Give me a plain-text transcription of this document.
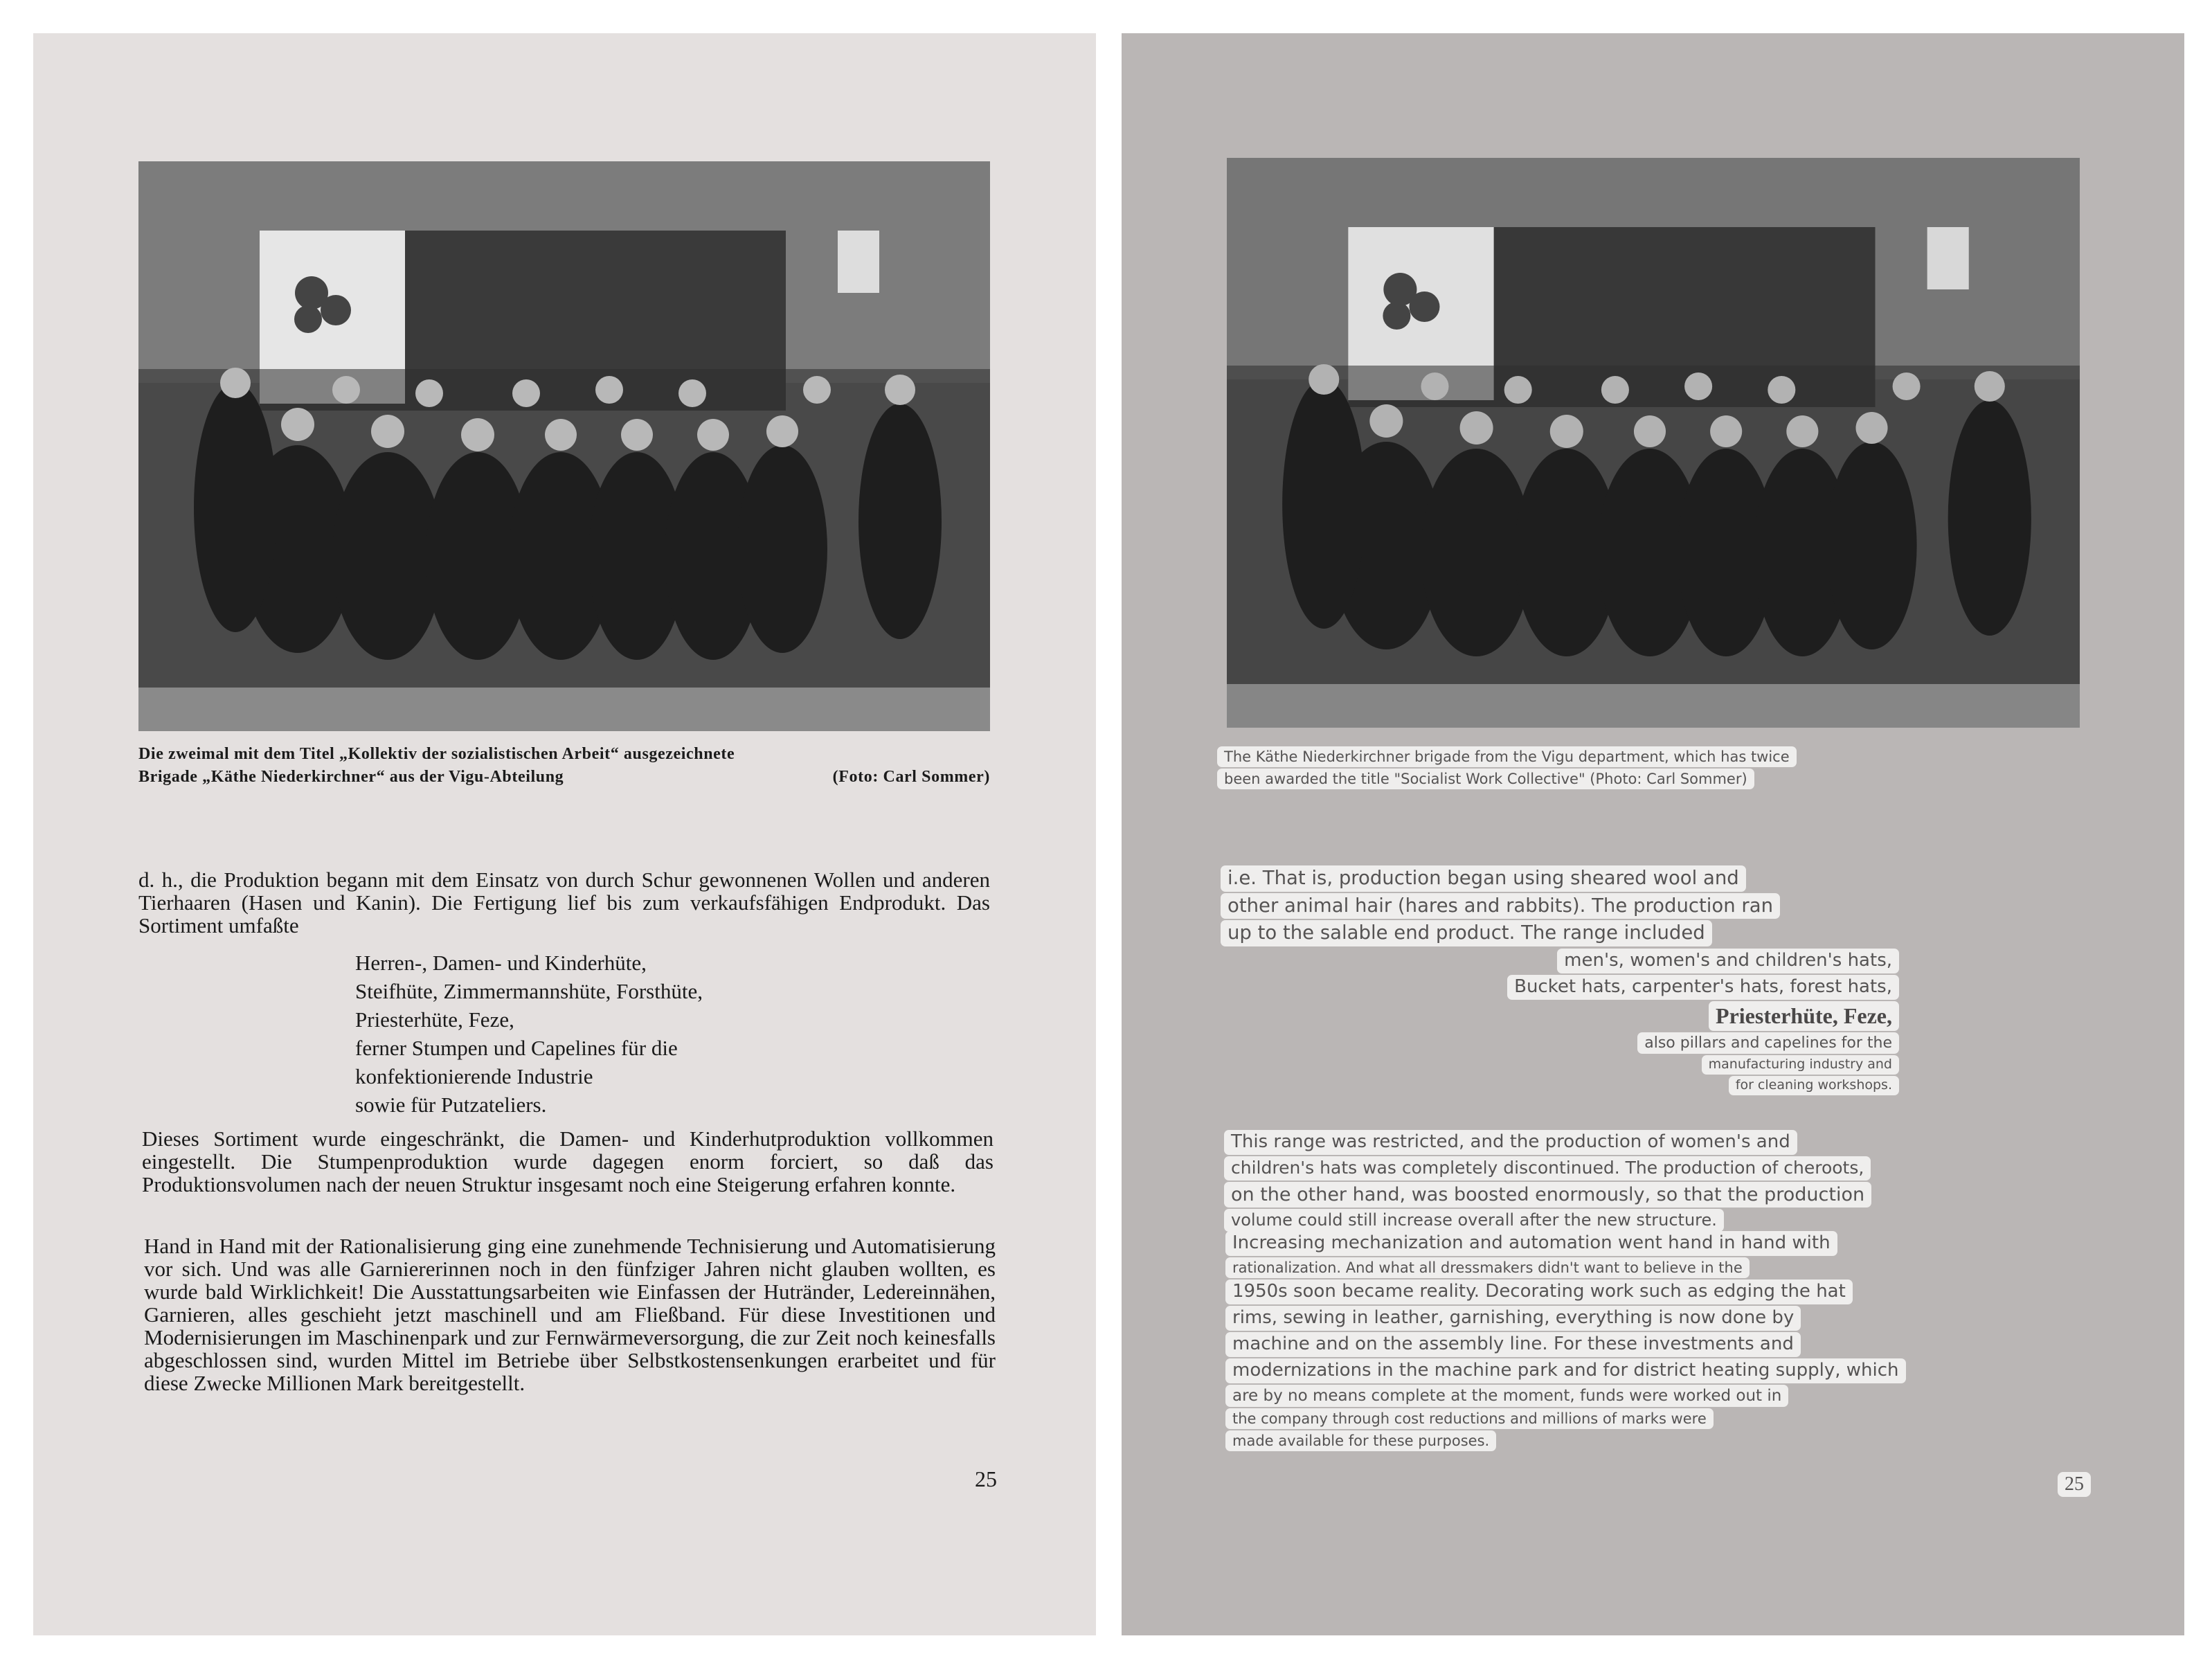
Die zweimal mit dem Titel „Kollektiv der sozialistischen Arbeit“ ausgezeichnete
Brigade „Käthe Niederkirchner“ aus der Vigu-Abteilung	(Foto: Carl Sommer)

d. h., die Produktion begann mit dem Einsatz von durch Schur gewonnenen Wollen und anderen Tierhaaren (Hasen und Kanin). Die Fertigung lief bis zum verkaufsfähigen Endprodukt. Das Sortiment umfaßte

Herren-, Damen- und Kinderhüte,
Steifhüte, Zimmermannshüte, Forsthüte,
Priesterhüte, Feze,
ferner Stumpen und Capelines für die
konfektionierende Industrie
sowie für Putzateliers.

Dieses Sortiment wurde eingeschränkt, die Damen- und Kinderhutproduktion vollkommen eingestellt. Die Stumpenproduktion wurde dagegen enorm forciert, so daß das Produktionsvolumen nach der neuen Struktur insgesamt noch eine Steigerung erfahren konnte.

Hand in Hand mit der Rationalisierung ging eine zunehmende Technisierung und Automatisierung vor sich. Und was alle Garniererinnen noch in den fünfziger Jahren nicht glauben wollten, es wurde bald Wirklichkeit! Die Ausstattungsarbeiten wie Einfassen der Hutränder, Ledereinnähen, Garnieren, alles geschieht jetzt maschinell und am Fließband. Für diese Investitionen und Modernisierungen im Maschinenpark und zur Fernwärmeversorgung, die zur Zeit noch keinesfalls abgeschlossen sind, wurden Mittel im Betriebe über Selbstkostensenkungen erarbeitet und für diese Zwecke Millionen Mark bereitgestellt.

25
The Käthe Niederkirchner brigade from the Vigu department, which has twice
been awarded the title "Socialist Work Collective" (Photo: Carl Sommer)
i.e. That is, production began using sheared wool and
other animal hair (hares and rabbits). The production ran
up to the salable end product. The range included
men's, women's and children's hats,
Bucket hats, carpenter's hats, forest hats,
Priesterhüte, Feze,
also pillars and capelines for the
manufacturing industry and
for cleaning workshops.
This range was restricted, and the production of women's and
children's hats was completely discontinued. The production of cheroots,
on the other hand, was boosted enormously, so that the production
volume could still increase overall after the new structure.
Increasing mechanization and automation went hand in hand with
rationalization. And what all dressmakers didn't want to believe in the
1950s soon became reality. Decorating work such as edging the hat
rims, sewing in leather, garnishing, everything is now done by
machine and on the assembly line. For these investments and
modernizations in the machine park and for district heating supply, which
are by no means complete at the moment, funds were worked out in
the company through cost reductions and millions of marks were
made available for these purposes.
25
